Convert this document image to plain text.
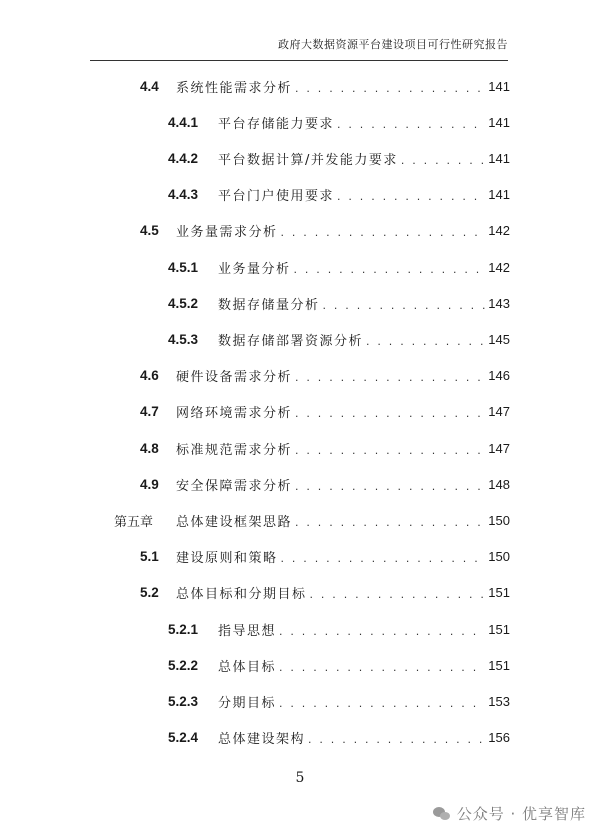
政府大数据资源平台建设项目可行性研究报告
4.4	系统性能需求分析 . . .	141
4.4.1	平台存储能力要求 . . .	141
4.4.2	平台数据计算/并发能力要求 . . .	141
4.4.3	平台门户使用要求 . . .	141
4.5	业务量需求分析 . . .	142
4.5.1	业务量分析 . . .	142
4.5.2	数据存储量分析 . . .	143
4.5.3	数据存储部署资源分析 . . .	145
4.6	硬件设备需求分析 . . .	146
4.7	网络环境需求分析 . . .	147
4.8	标准规范需求分析 . . .	147
4.9	安全保障需求分析 . . .	148
第五章	总体建设框架思路 . . .	150
5.1	建设原则和策略 . . .	150
5.2	总体目标和分期目标 . . .	151
5.2.1	指导思想 . . .	151
5.2.2	总体目标 . . .	151
5.2.3	分期目标 . . .	153
5.2.4	总体建设架构 . . .	156
5
公众号 · 优享智库
